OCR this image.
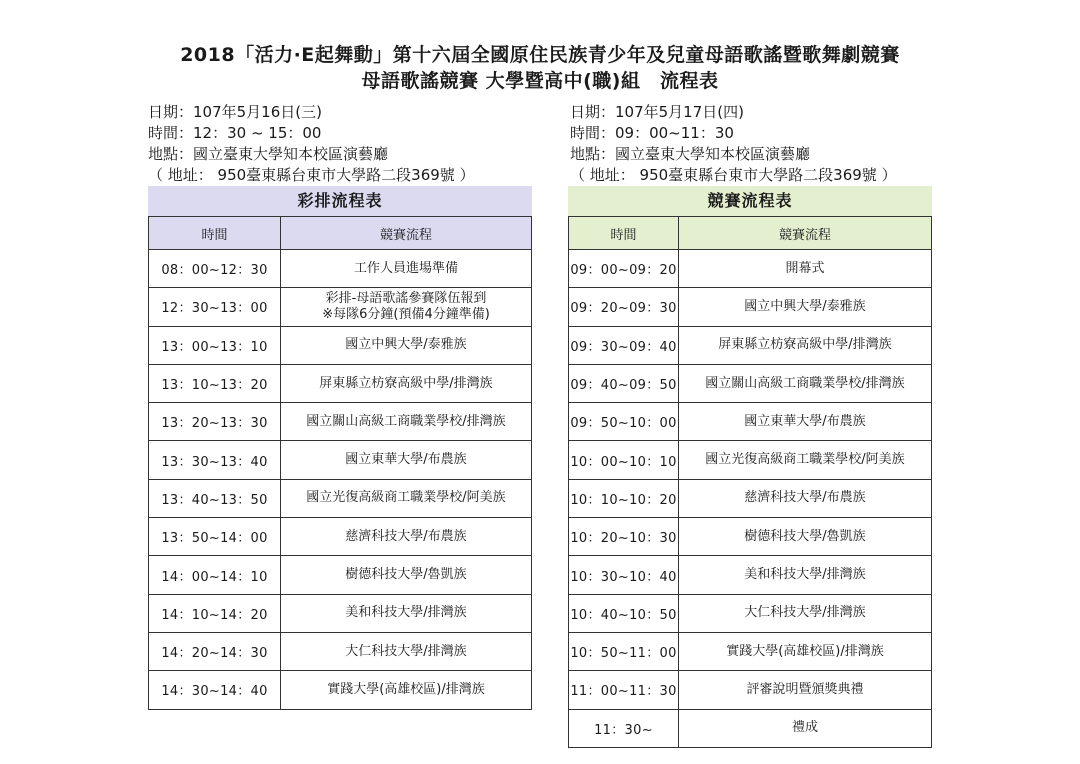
2018「活力·E起舞動」第十六屆全國原住民族青少年及兒童母語歌謠暨歌舞劇競賽
母語歌謠競賽 大學暨高中(職)組　流程表
日期：107年5月16日(三)
時間：12：30 ~ 15：00
地點：國立臺東大學知本校區演藝廳
（ 地址： 950臺東縣台東市大學路二段369號 ）
日期：107年5月17日(四)
時間：09：00~11：30
地點：國立臺東大學知本校區演藝廳
（ 地址： 950臺東縣台東市大學路二段369號 ）
彩排流程表
時間	競賽流程
08：00~12：30	工作人員進場準備
12：30~13：00	彩排-母語歌謠參賽隊伍報到
※每隊6分鐘(預備4分鐘準備)

13：00~13：10	國立中興大學/泰雅族
13：10~13：20	屏東縣立枋寮高級中學/排灣族
13：20~13：30	國立關山高級工商職業學校/排灣族
13：30~13：40	國立東華大學/布農族
13：40~13：50	國立光復高級商工職業學校/阿美族
13：50~14：00	慈濟科技大學/布農族
14：00~14：10	樹德科技大學/魯凱族
14：10~14：20	美和科技大學/排灣族
14：20~14：30	大仁科技大學/排灣族
14：30~14：40	實踐大學(高雄校區)/排灣族
競賽流程表
時間	競賽流程
09：00~09：20	開幕式
09：20~09：30	國立中興大學/泰雅族
09：30~09：40	屏東縣立枋寮高級中學/排灣族
09：40~09：50	國立關山高級工商職業學校/排灣族
09：50~10：00	國立東華大學/布農族
10：00~10：10	國立光復高級商工職業學校/阿美族
10：10~10：20	慈濟科技大學/布農族
10：20~10：30	樹德科技大學/魯凱族
10：30~10：40	美和科技大學/排灣族
10：40~10：50	大仁科技大學/排灣族
10：50~11：00	實踐大學(高雄校區)/排灣族
11：00~11：30	評審說明暨頒獎典禮
11：30~	禮成
